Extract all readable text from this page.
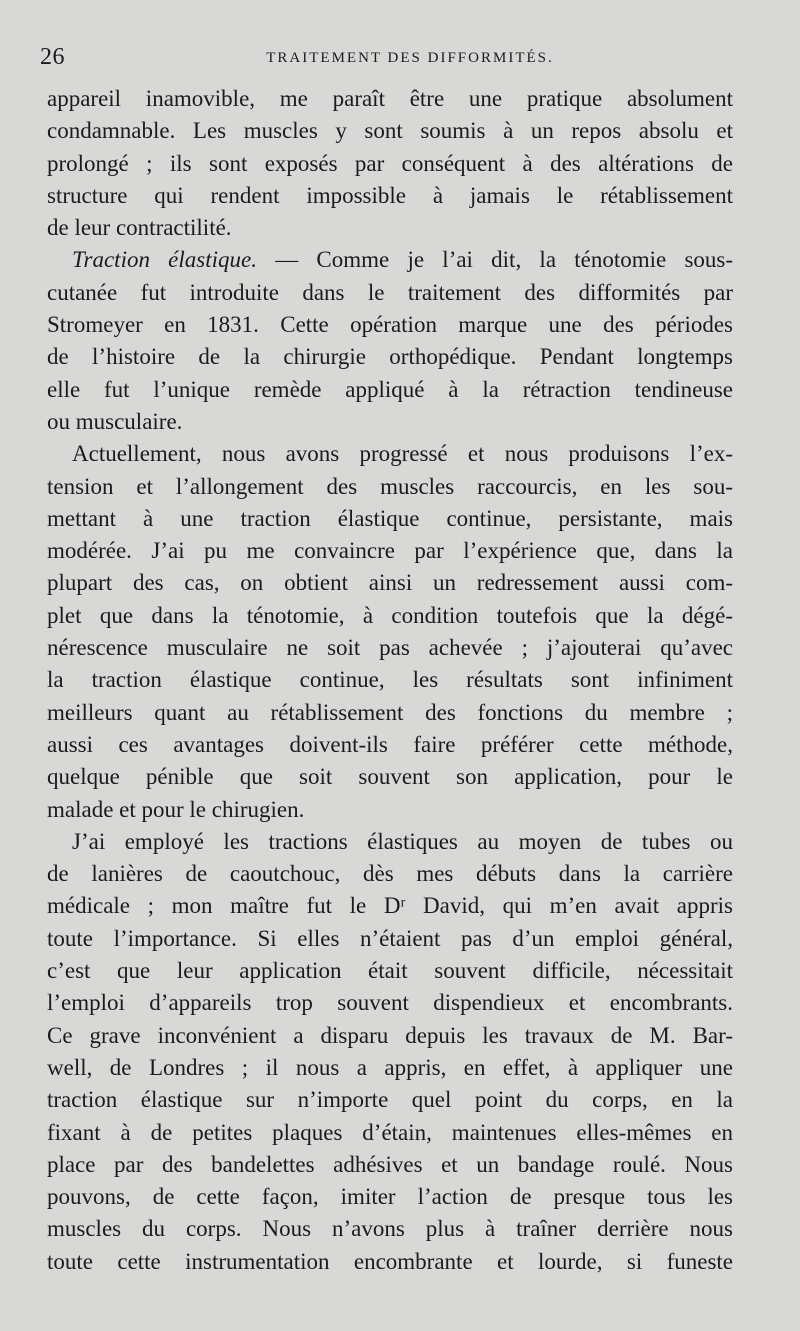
26	TRAITEMENT DES DIFFORMITÉS.
appareil inamovible, me paraît être une pratique absolument
condamnable. Les muscles y sont soumis à un repos absolu et
prolongé ; ils sont exposés par conséquent à des altérations de
structure qui rendent impossible à jamais le rétablissement
de leur contractilité.
Traction élastique. — Comme je l’ai dit, la ténotomie sous-
cutanée fut introduite dans le traitement des difformités par
Stromeyer en 1831. Cette opération marque une des périodes
de l’histoire de la chirurgie orthopédique. Pendant longtemps
elle fut l’unique remède appliqué à la rétraction tendineuse
ou musculaire.
Actuellement, nous avons progressé et nous produisons l’ex-
tension et l’allongement des muscles raccourcis, en les sou-
mettant à une traction élastique continue, persistante, mais
modérée. J’ai pu me convaincre par l’expérience que, dans la
plupart des cas, on obtient ainsi un redressement aussi com-
plet que dans la ténotomie, à condition toutefois que la dégé-
nérescence musculaire ne soit pas achevée ; j’ajouterai qu’avec
la traction élastique continue, les résultats sont infiniment
meilleurs quant au rétablissement des fonctions du membre ;
aussi ces avantages doivent-ils faire préférer cette méthode,
quelque pénible que soit souvent son application, pour le
malade et pour le chirugien.
J’ai employé les tractions élastiques au moyen de tubes ou
de lanières de caoutchouc, dès mes débuts dans la carrière
médicale ; mon maître fut le Dʳ David, qui m’en avait appris
toute l’importance. Si elles n’étaient pas d’un emploi général,
c’est que leur application était souvent difficile, nécessitait
l’emploi d’appareils trop souvent dispendieux et encombrants.
Ce grave inconvénient a disparu depuis les travaux de M. Bar-
well, de Londres ; il nous a appris, en effet, à appliquer une
traction élastique sur n’importe quel point du corps, en la
fixant à de petites plaques d’étain, maintenues elles-mêmes en
place par des bandelettes adhésives et un bandage roulé. Nous
pouvons, de cette façon, imiter l’action de presque tous les
muscles du corps. Nous n’avons plus à traîner derrière nous
toute cette instrumentation encombrante et lourde, si funeste
